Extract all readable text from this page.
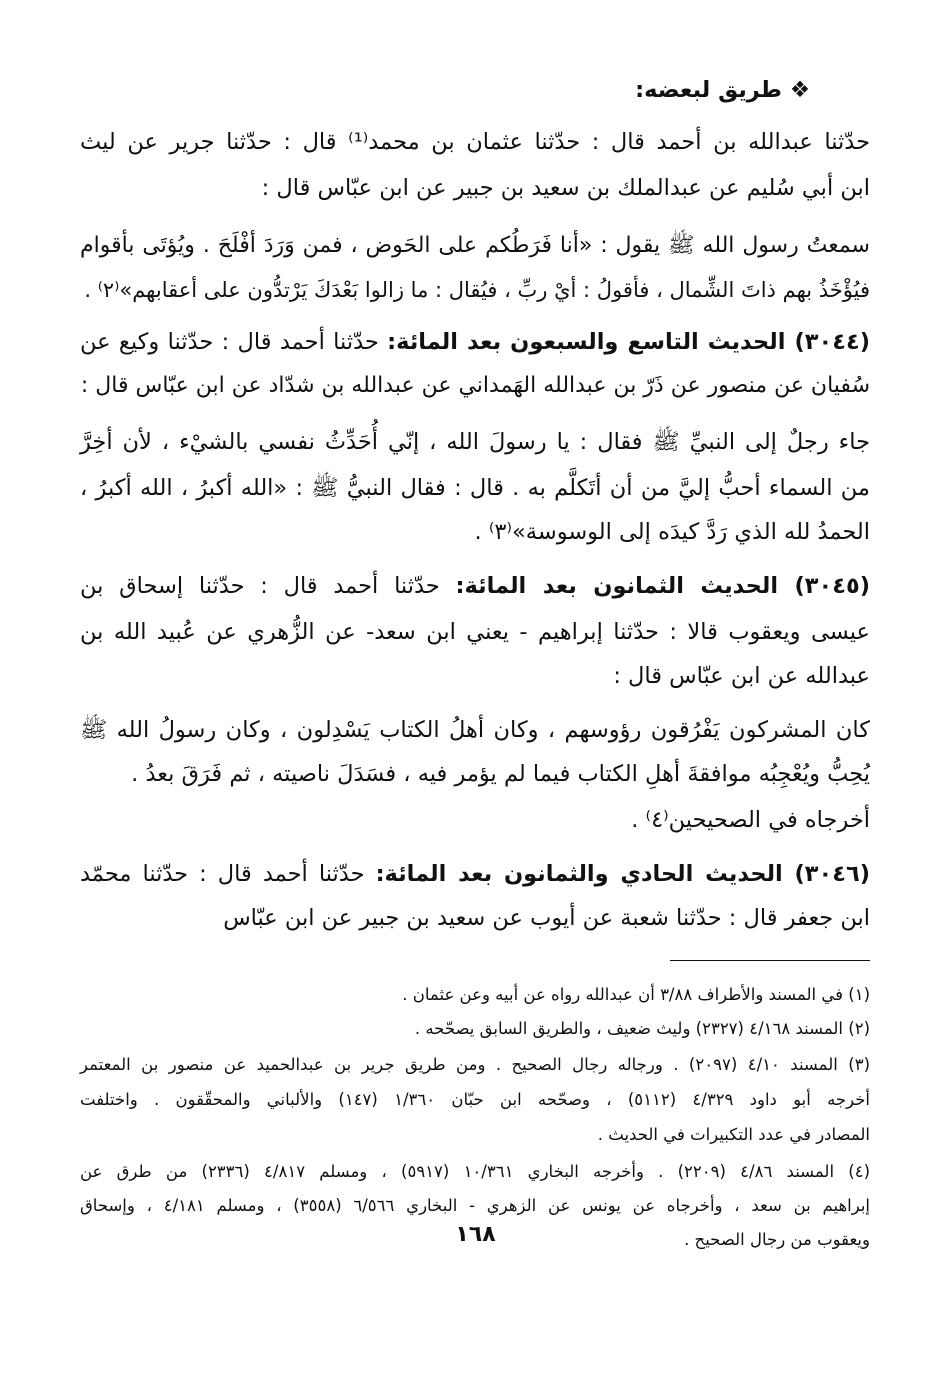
❖ طريق لبعضه:
حدّثنا عبدالله بن أحمد قال : حدّثنا عثمان بن محمد⁽¹⁾ قال : حدّثنا جرير عن ليث
ابن أبي سُليم عن عبدالملك بن سعيد بن جبير عن ابن عبّاس قال :
سمعتُ رسول الله ﷺ يقول : «أنا فَرَطُكم على الحَوض ، فمن وَرَدَ أفْلَحَ . ويُؤتَى بأقوام
فيُؤْخَذُ بهم ذاتَ الشِّمال ، فأقولُ : أيْ ربِّ ، فيُقال : ما زالوا بَعْدَكَ يَرْتدُّون على أعقابهم»⁽٢⁾ .
(٣٠٤٤) الحديث التاسع والسبعون بعد المائة: حدّثنا أحمد قال : حدّثنا وكيع عن
سُفيان عن منصور عن ذَرّ بن عبدالله الهَمداني عن عبدالله بن شدّاد عن ابن عبّاس قال :
جاء رجلٌ إلى النبيِّ ﷺ فقال : يا رسولَ الله ، إنّي أُحَدِّثُ نفسي بالشيْء ، لأن أخِرَّ
من السماء أحبُّ إليَّ من أن أتَكلَّم به . قال : فقال النبيُّ ﷺ : «الله أكبرُ ، الله أكبرُ ،
الحمدُ لله الذي رَدَّ كيدَه إلى الوسوسة»⁽٣⁾ .
(٣٠٤٥) الحديث الثمانون بعد المائة: حدّثنا أحمد قال : حدّثنا إسحاق بن
عيسى ويعقوب قالا : حدّثنا إبراهيم - يعني ابن سعد- عن الزُّهري عن عُبيد الله بن
عبدالله عن ابن عبّاس قال :
كان المشركون يَفْرُقون رؤوسهم ، وكان أهلُ الكتاب يَسْدِلون ، وكان رسولُ الله ﷺ
يُحِبُّ ويُعْجِبُه موافقةَ أهلِ الكتاب فيما لم يؤمر فيه ، فسَدَلَ ناصيته ، ثم فَرَقَ بعدُ .
أخرجاه في الصحيحين⁽٤⁾ .
(٣٠٤٦) الحديث الحادي والثمانون بعد المائة: حدّثنا أحمد قال : حدّثنا محمّد
ابن جعفر قال : حدّثنا شعبة عن أيوب عن سعيد بن جبير عن ابن عبّاس
(١) في المسند والأطراف ٣/٨٨ أن عبدالله رواه عن أبيه وعن عثمان .
(٢) المسند ٤/١٦٨ (٢٣٢٧) وليث ضعيف ، والطريق السابق يصحّحه .
(٣) المسند ٤/١٠ (٢٠٩٧) . ورجاله رجال الصحيح . ومن طريق جرير بن عبدالحميد عن منصور بن المعتمر
أخرجه أبو داود ٤/٣٢٩ (٥١١٢) ، وصحّحه ابن حبّان ١/٣٦٠ (١٤٧) والألباني والمحقّقون . واختلفت
المصادر في عدد التكبيرات في الحديث .
(٤) المسند ٤/٨٦ (٢٢٠٩) . وأخرجه البخاري ١٠/٣٦١ (٥٩١٧) ، ومسلم ٤/٨١٧ (٢٣٣٦) من طرق عن
إبراهيم بن سعد ، وأخرجاه عن يونس عن الزهري - البخاري ٦/٥٦٦ (٣٥٥٨) ، ومسلم ٤/١٨١ ، وإسحاق
ويعقوب من رجال الصحيح .
١٦٨
